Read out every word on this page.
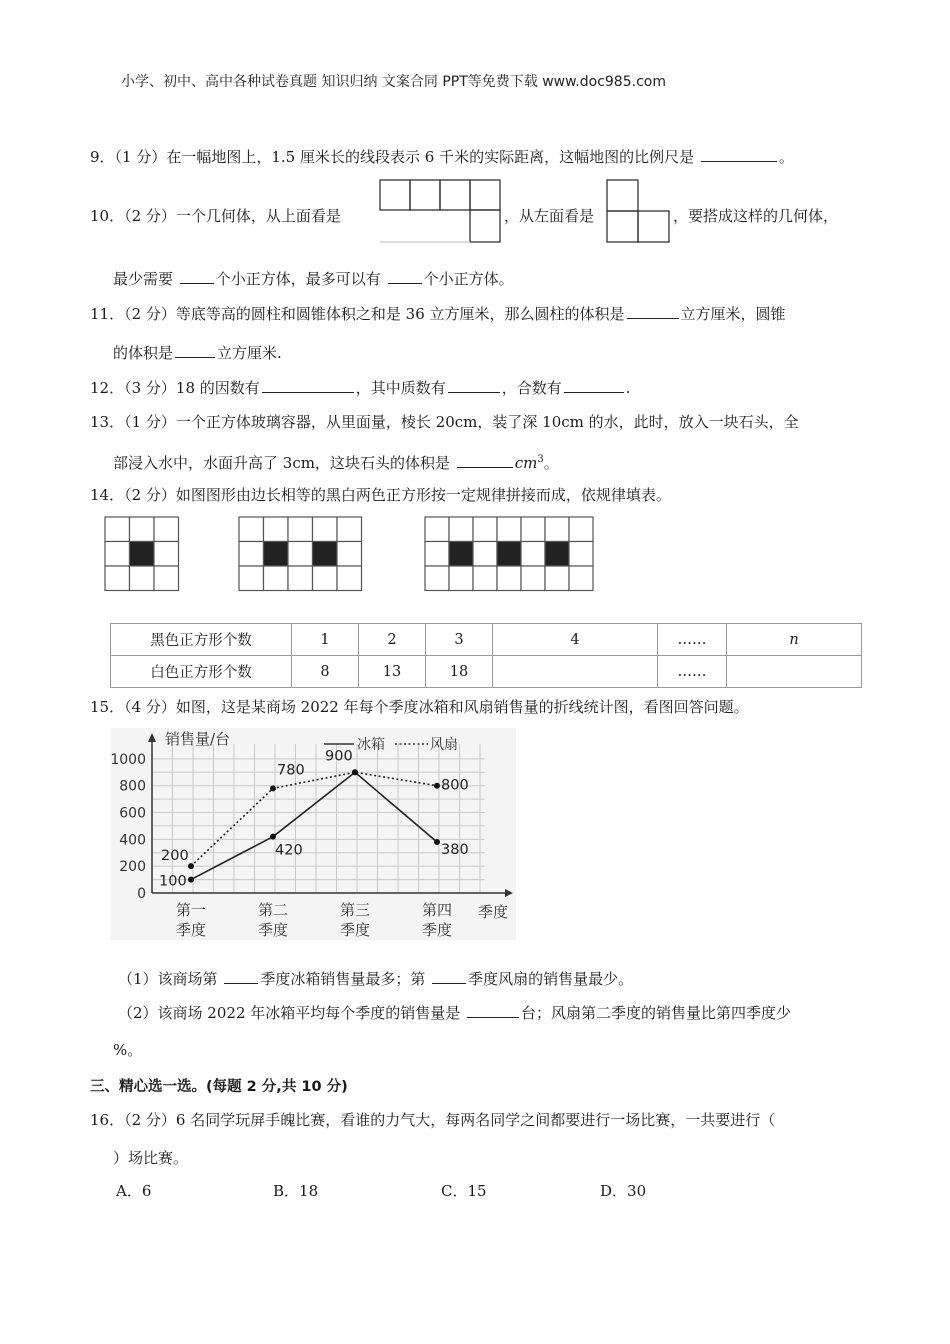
小学、初中、高中各种试卷真题 知识归纳 文案合同 PPT等免费下载 www.doc985.com
9．（1 分）在一幅地图上，1.5 厘米长的线段表示 6 千米的实际距离，这幅地图的比例尺是	。
10．（2 分）一个几何体，从上面看是	，从左面看是	，要搭成这样的几何体，
最少需要	个小正方体，最多可以有	个小正方体。
11．（2 分）等底等高的圆柱和圆锥体积之和是 36 立方厘米，那么圆柱的体积是	立方厘米，圆锥
的体积是	立方厘米.
12．（3 分）18 的因数有	，其中质数有	，合数有	.
13．（1 分）一个正方体玻璃容器，从里面量，棱长 20cm，装了深 10cm 的水，此时，放入一块石头，全
部浸入水中，水面升高了 3cm，这块石头的体积是	$cm^3$。
14．（2 分）如图图形由边长相等的黑白两色正方形按一定规律拼接而成，依规律填表。
黑色正方形个数	1	2	3	4	……	n
白色正方形个数	8	13	18		……	
15．（4 分）如图，这是某商场 2022 年每个季度冰箱和风扇销售量的折线统计图，看图回答问题。
销售量/台
季度
0
200
400
600
800
1000
第一
季度
第二
季度
第三
季度
第四
季度
冰箱	风扇
100
420
900
380
200
780
800
（1）该商场第	季度冰箱销售量最多；第	季度风扇的销售量最少。
（2）该商场 2022 年冰箱平均每个季度的销售量是	台；风扇第二季度的销售量比第四季度少
%。
三、精心选一选。(每题 2 分,共 10 分)
16．（2 分）6 名同学玩屏手魄比赛，看谁的力气大，每两名同学之间都要进行一场比赛，一共要进行（
）场比赛。
A．6	B．18	C．15	D．30
